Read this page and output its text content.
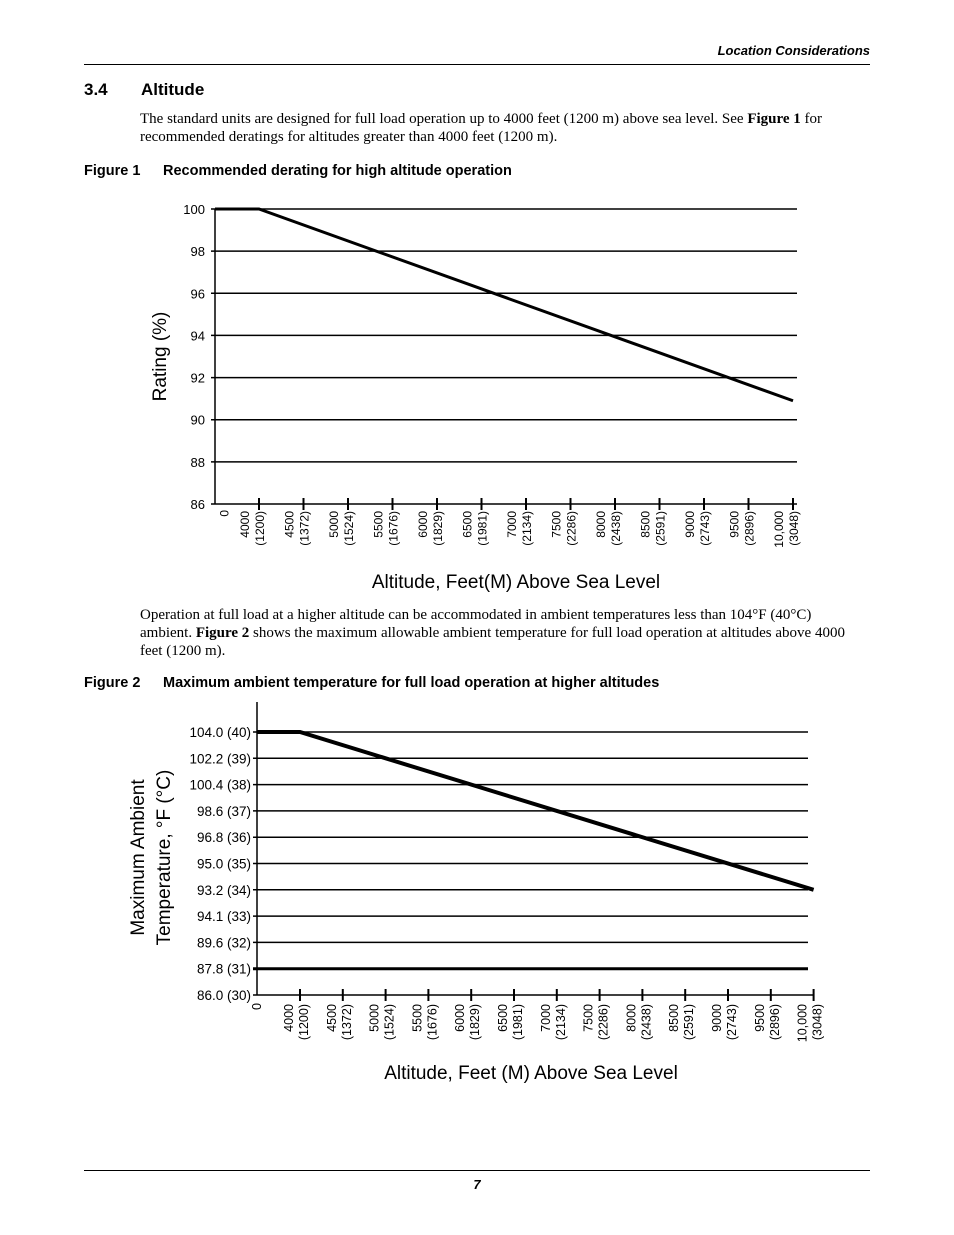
Location Considerations
3.4 Altitude
The standard units are designed for full load operation up to 4000 feet (1200 m) above sea level. See Figure 1 for recommended deratings for altitudes greater than 4000 feet (1200 m).
Figure 1 Recommended derating for high altitude operation
100
98
96
94
92
90
88
86
0 4000 (1200) 4500 (1372) 5000 (1524) 5500 (1676) 6000 (1829) 6500 (1981) 7000 (2134) 7500 (2286) 8000 (2438) 8500 (2591) 9000 (2743) 9500 (2896) 10,000 (3048)
Rating (%)
Altitude, Feet(M) Above Sea Level
Operation at full load at a higher altitude can be accommodated in ambient temperatures less than 104°F (40°C) ambient. Figure 2 shows the maximum allowable ambient temperature for full load operation at altitudes above 4000 feet (1200 m).
Figure 2 Maximum ambient temperature for full load operation at higher altitudes
104.0 (40)
102.2 (39)
100.4 (38)
98.6 (37)
96.8 (36)
95.0 (35)
93.2 (34)
94.1 (33)
89.6 (32)
87.8 (31)
86.0 (30)
0 4000 (1200) 4500 (1372) 5000 (1524) 5500 (1676) 6000 (1829) 6500 (1981) 7000 (2134) 7500 (2286) 8000 (2438) 8500 (2591) 9000 (2743) 9500 (2896) 10,000 (3048)
Maximum Ambient Temperature, °F (°C)
Altitude, Feet (M) Above Sea Level
7
